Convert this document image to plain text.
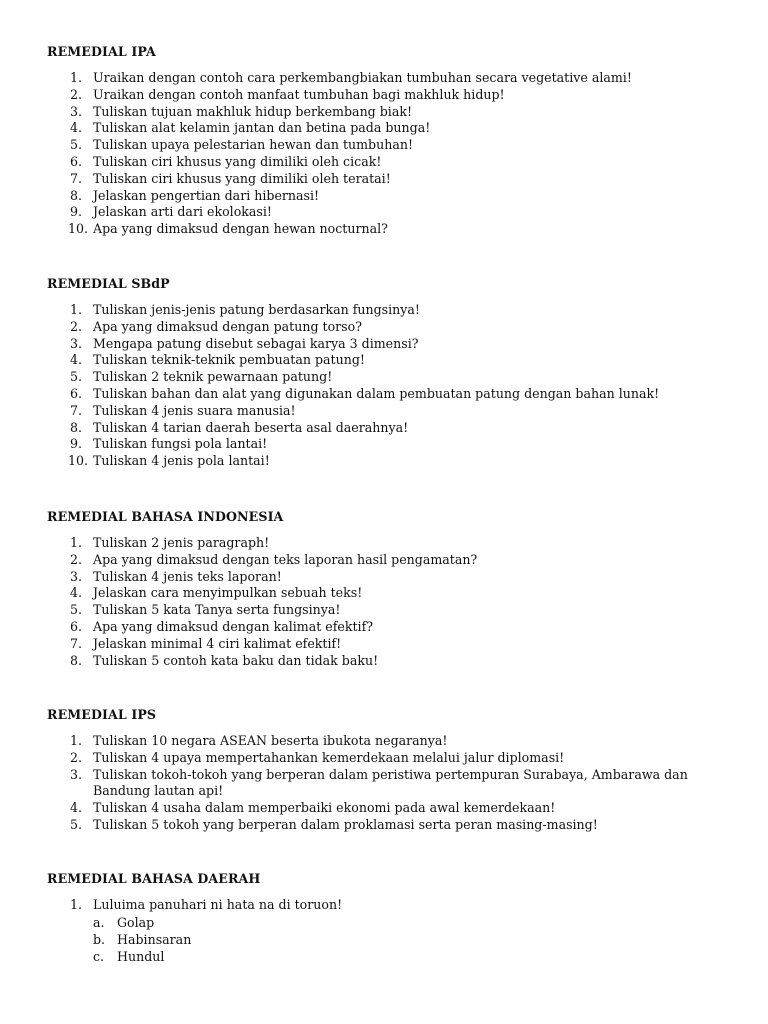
REMEDIAL IPA
1. Uraikan dengan contoh cara perkembangbiakan tumbuhan secara vegetative alami!
2. Uraikan dengan contoh manfaat tumbuhan bagi makhluk hidup!
3. Tuliskan tujuan makhluk hidup berkembang biak!
4. Tuliskan alat kelamin jantan dan betina pada bunga!
5. Tuliskan upaya pelestarian hewan dan tumbuhan!
6. Tuliskan ciri khusus yang dimiliki oleh cicak!
7. Tuliskan ciri khusus yang dimiliki oleh teratai!
8. Jelaskan pengertian dari hibernasi!
9. Jelaskan arti dari ekolokasi!
10. Apa yang dimaksud dengan hewan nocturnal?
REMEDIAL SBdP
1. Tuliskan jenis-jenis patung berdasarkan fungsinya!
2. Apa yang dimaksud dengan patung torso?
3. Mengapa patung disebut sebagai karya 3 dimensi?
4. Tuliskan teknik-teknik pembuatan patung!
5. Tuliskan 2 teknik pewarnaan patung!
6. Tuliskan bahan dan alat yang digunakan dalam pembuatan patung dengan bahan lunak!
7. Tuliskan 4 jenis suara manusia!
8. Tuliskan 4 tarian daerah beserta asal daerahnya!
9. Tuliskan fungsi pola lantai!
10. Tuliskan 4 jenis pola lantai!
REMEDIAL BAHASA INDONESIA
1. Tuliskan 2 jenis paragraph!
2. Apa yang dimaksud dengan teks laporan hasil pengamatan?
3. Tuliskan 4 jenis teks laporan!
4. Jelaskan cara menyimpulkan sebuah teks!
5. Tuliskan 5 kata Tanya serta fungsinya!
6. Apa yang dimaksud dengan kalimat efektif?
7. Jelaskan minimal 4 ciri kalimat efektif!
8. Tuliskan 5 contoh kata baku dan tidak baku!
REMEDIAL IPS
1. Tuliskan 10 negara ASEAN beserta ibukota negaranya!
2. Tuliskan 4 upaya mempertahankan kemerdekaan melalui jalur diplomasi!
3. Tuliskan tokoh-tokoh yang berperan dalam peristiwa pertempuran Surabaya, Ambarawa dan Bandung lautan api!
4. Tuliskan 4 usaha dalam memperbaiki ekonomi pada awal kemerdekaan!
5. Tuliskan 5 tokoh yang berperan dalam proklamasi serta peran masing-masing!
REMEDIAL BAHASA DAERAH
1. Luluima panuhari ni hata na di toruon!
a. Golap
b. Habinsaran
c.	Hundul
